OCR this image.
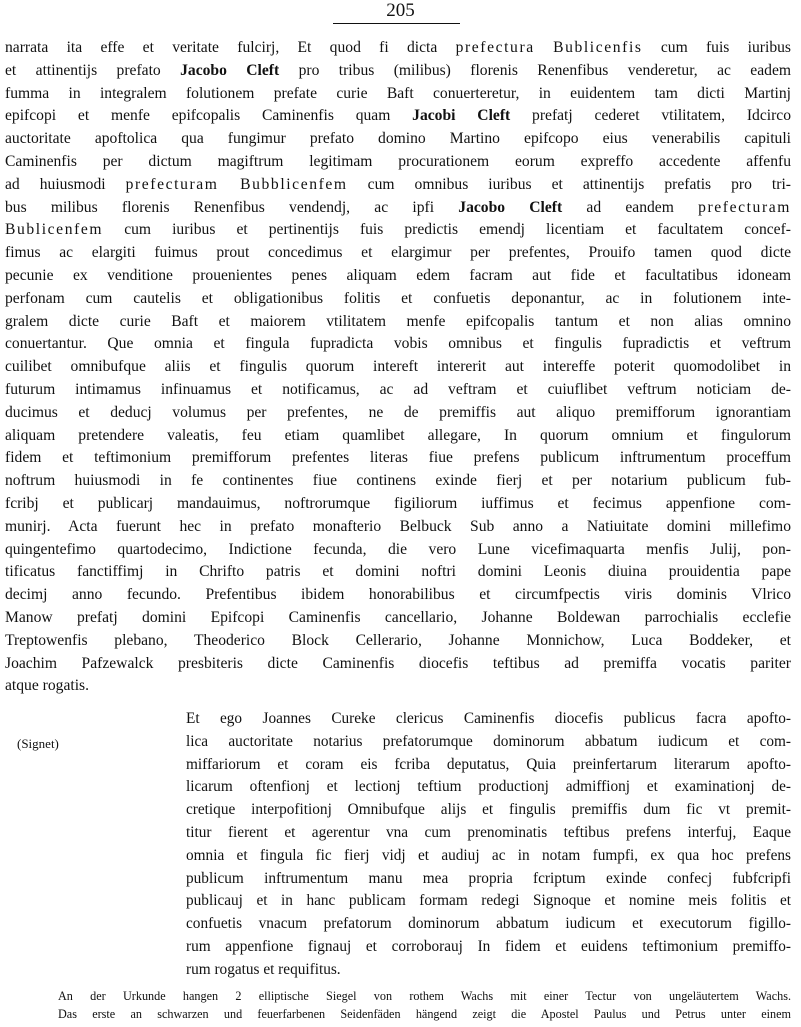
205
narrata ita effe et veritate fulcirj, Et quod fi dicta prefectura Bublicenfis cum fuis iuribus
et attinentijs prefato Jacobo Cleft pro tribus (milibus) florenis Renenfibus venderetur, ac eadem
fumma in integralem folutionem prefate curie Baft conuerteretur, in euidentem tam dicti Martinj
epifcopi et menfe epifcopalis Caminenfis quam Jacobi Cleft prefatj cederet vtilitatem, Idcirco
auctoritate apoftolica qua fungimur prefato domino Martino epifcopo eius venerabilis capituli
Caminenfis per dictum magiftrum legitimam procurationem eorum expreffo accedente affenfu
ad huiusmodi prefecturam Bubblicenfem cum omnibus iuribus et attinentijs prefatis pro tri-
bus milibus florenis Renenfibus vendendj, ac ipfi Jacobo Cleft ad eandem prefecturam
Bublicenfem cum iuribus et pertinentijs fuis predictis emendj licentiam et facultatem concef-
fimus ac elargiti fuimus prout concedimus et elargimur per prefentes, Prouifo tamen quod dicte
pecunie ex venditione prouenientes penes aliquam edem facram aut fide et facultatibus idoneam
perfonam cum cautelis et obligationibus folitis et confuetis deponantur, ac in folutionem inte-
gralem dicte curie Baft et maiorem vtilitatem menfe epifcopalis tantum et non alias omnino
conuertantur. Que omnia et fingula fupradicta vobis omnibus et fingulis fupradictis et veftrum
cuilibet omnibufque aliis et fingulis quorum intereft intererit aut intereffe poterit quomodolibet in
futurum intimamus infinuamus et notificamus, ac ad veftram et cuiuflibet veftrum noticiam de-
ducimus et deducj volumus per prefentes, ne de premiffis aut aliquo premifforum ignorantiam
aliquam pretendere valeatis, feu etiam quamlibet allegare, In quorum omnium et fingulorum
fidem et teftimonium premifforum prefentes literas fiue prefens publicum inftrumentum proceffum
noftrum huiusmodi in fe continentes fiue continens exinde fierj et per notarium publicum fub-
fcribj et publicarj mandauimus, noftrorumque figiliorum iuffimus et fecimus appenfione com-
munirj. Acta fuerunt hec in prefato monafterio Belbuck Sub anno a Natiuitate domini millefimo
quingentefimo quartodecimo, Indictione fecunda, die vero Lune vicefimaquarta menfis Julij, pon-
tificatus fanctiffimj in Chrifto patris et domini noftri domini Leonis diuina prouidentia pape
decimj anno fecundo. Prefentibus ibidem honorabilibus et circumfpectis viris dominis Vlrico
Manow prefatj domini Epifcopi Caminenfis cancellario, Johanne Boldewan parrochialis ecclefie
Treptowenfis plebano, Theoderico Block Cellerario, Johanne Monnichow, Luca Boddeker, et
Joachim Pafzewalck presbiteris dicte Caminenfis diocefis teftibus ad premiffa vocatis pariter
atque rogatis.
(Signet)
Et ego Joannes Cureke clericus Caminenfis diocefis publicus facra apofto-
lica auctoritate notarius prefatorumque dominorum abbatum iudicum et com-
miffariorum et coram eis fcriba deputatus, Quia preinfertarum literarum apofto-
licarum oftenfionj et lectionj teftium productionj admiffionj et examinationj de-
cretique interpofitionj Omnibufque alijs et fingulis premiffis dum fic vt premit-
titur fierent et agerentur vna cum prenominatis teftibus prefens interfuj, Eaque
omnia et fingula fic fierj vidj et audiuj ac in notam fumpfi, ex qua hoc prefens
publicum inftrumentum manu mea propria fcriptum exinde confecj fubfcripfi
publicauj et in hanc publicam formam redegi Signoque et nomine meis folitis et
confuetis vnacum prefatorum dominorum abbatum iudicum et executorum figillo-
rum appenfione fignauj et corroborauj In fidem et euidens teftimonium premiffo-
rum rogatus et requifitus.
An der Urkunde hangen 2 elliptische Siegel von rothem Wachs mit einer Tectur von ungeläutertem Wachs.
Das erste an schwarzen und feuerfarbenen Seidenfäden hängend zeigt die Apostel Paulus und Petrus unter einem
